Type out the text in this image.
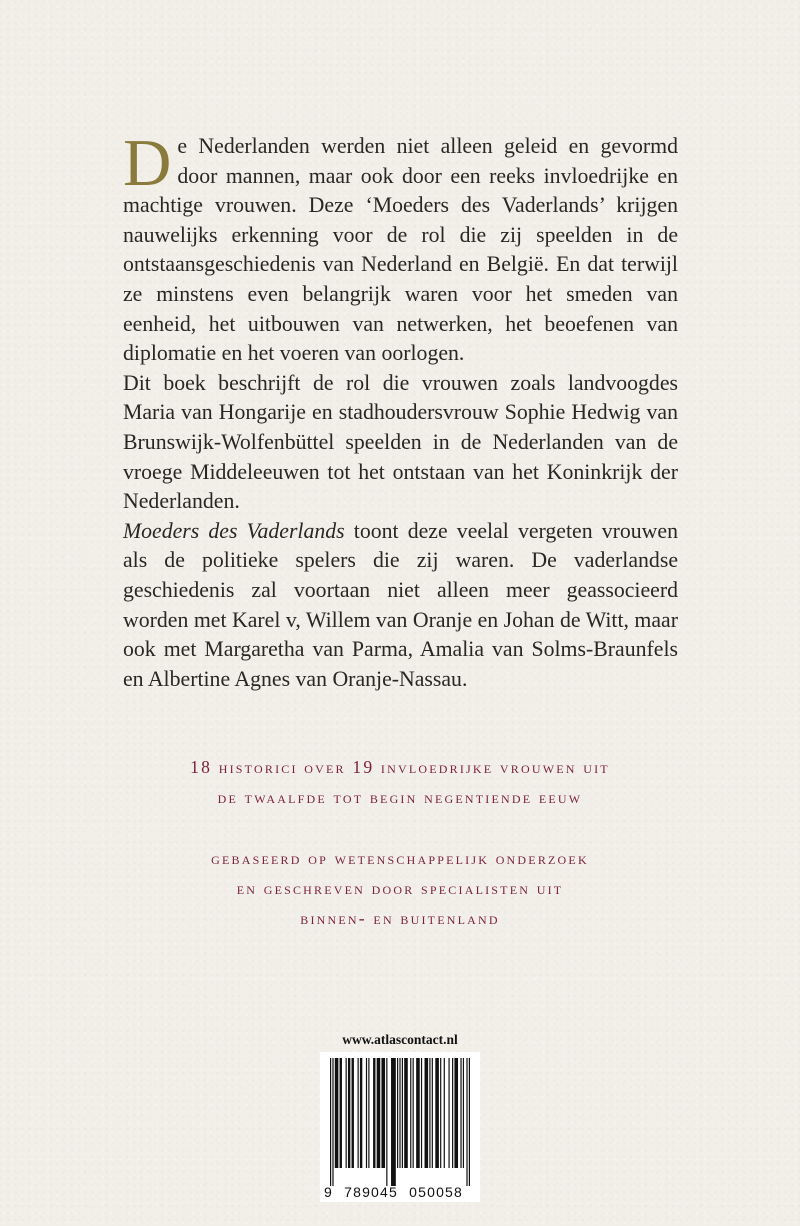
De Nederlanden werden niet alleen geleid en gevormd door mannen, maar ook door een reeks invloedrijke en machtige vrouwen. Deze ‘Moeders des Vaderlands’ krijgen nauwelijks erkenning voor de rol die zij speelden in de ontstaansgeschiedenis van Nederland en België. En dat terwijl ze minstens even belangrijk waren voor het smeden van eenheid, het uitbouwen van netwerken, het beoefenen van diplomatie en het voeren van oorlogen.

Dit boek beschrijft de rol die vrouwen zoals landvoogdes Maria van Hongarije en stadhoudersvrouw Sophie Hedwig van Brunswijk-Wolfenbüttel speelden in de Nederlanden van de vroege Middeleeuwen tot het ontstaan van het Koninkrijk der Nederlanden.

Moeders des Vaderlands toont deze veelal vergeten vrouwen als de politieke spelers die zij waren. De vaderlandse geschiedenis zal voortaan niet alleen meer geassocieerd worden met Karel v, Willem van Oranje en Johan de Witt, maar ook met Margaretha van Parma, Amalia van Solms-Braunfels en Albertine Agnes van Oranje-Nassau.

18 historici over 19 invloedrijke vrouwen uit
de twaalfde tot begin negentiende eeuw
gebaseerd op wetenschappelijk onderzoek
en geschreven door specialisten uit
binnen- en buitenland
www.atlascontact.nl
9 789045 050058
